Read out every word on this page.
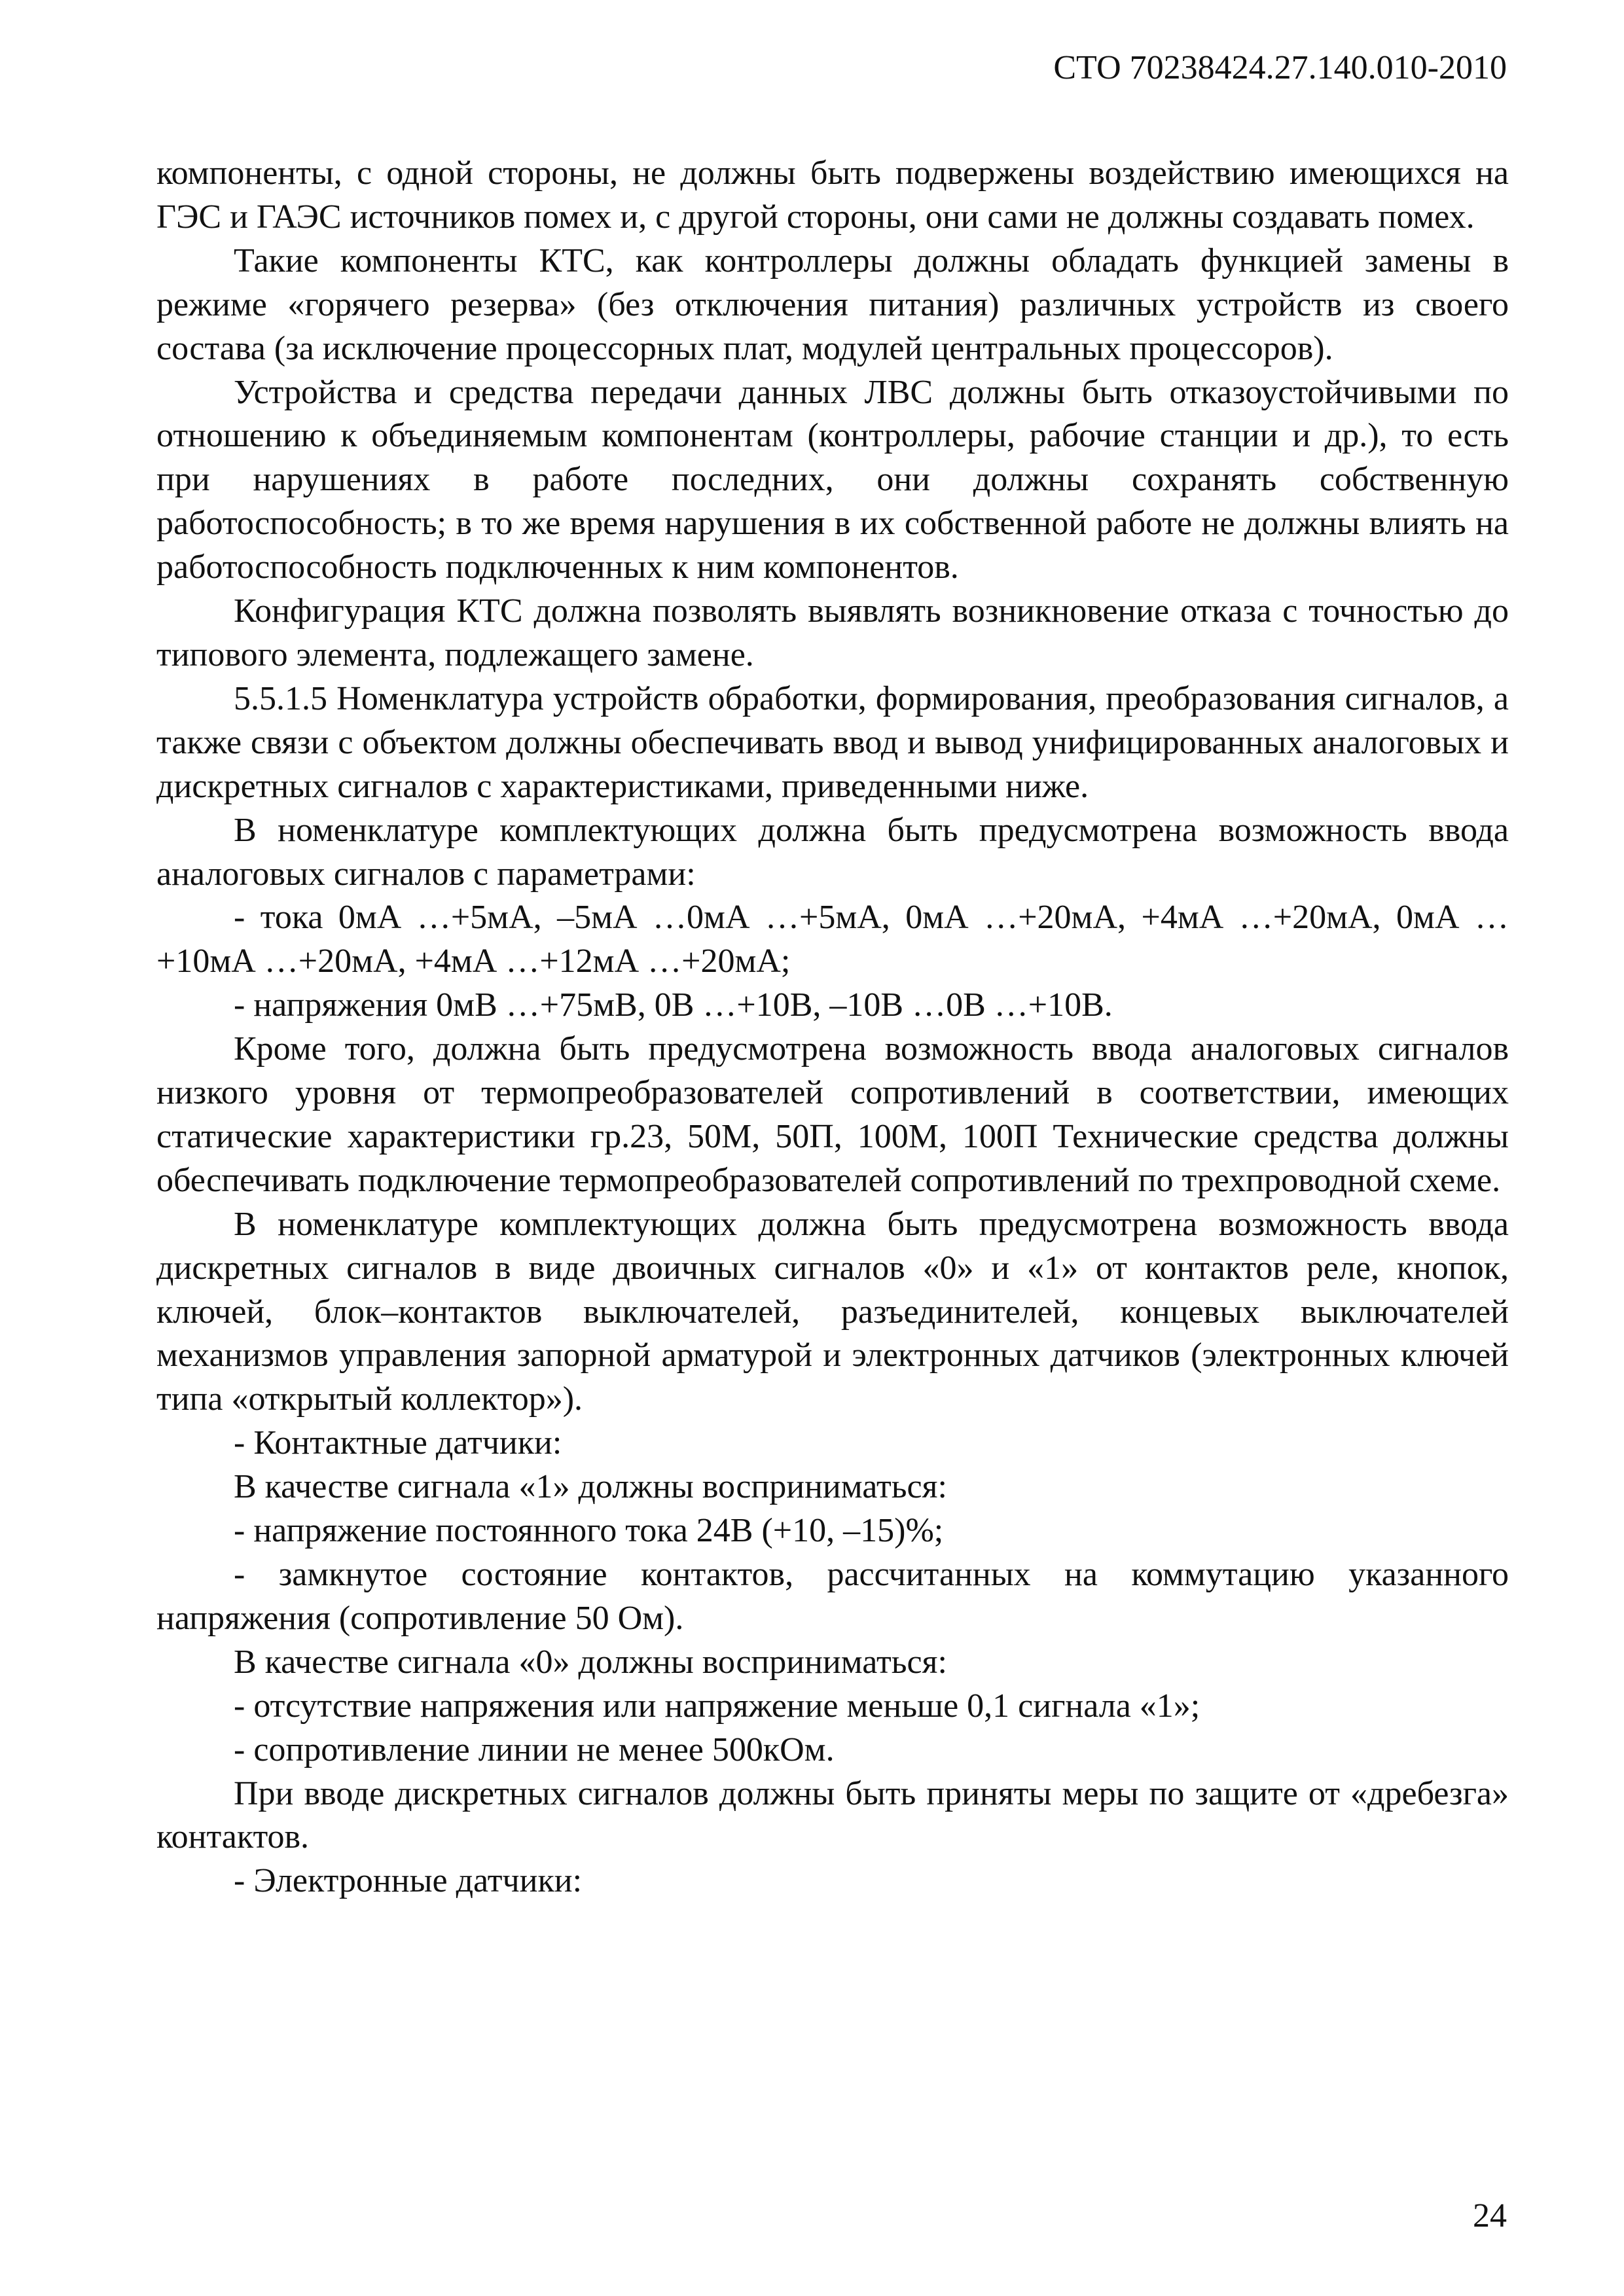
СТО 70238424.27.140.010-2010

компоненты, с одной стороны, не должны быть подвержены воздействию имеющихся на ГЭС и ГАЭС источников помех и, с другой стороны, они сами не должны создавать помех.

Такие компоненты КТС, как контроллеры должны обладать функцией замены в режиме «горячего резерва» (без отключения питания) различных устройств из своего состава (за исключение процессорных плат, модулей центральных процессоров).

Устройства и средства передачи данных ЛВС должны быть отказоустойчивыми по отношению к объединяемым компонентам (контроллеры, рабочие станции и др.), то есть при нарушениях в работе последних, они должны сохранять собственную работоспособность; в то же время нарушения в их собственной работе не должны влиять на работоспособность подключенных к ним компонентов.

Конфигурация КТС должна позволять выявлять возникновение отказа с точностью до типового элемента, подлежащего замене.

5.5.1.5 Номенклатура устройств обработки, формирования, преобразования сигналов, а также связи с объектом должны обеспечивать ввод и вывод унифицированных аналоговых и дискретных сигналов с характеристиками, приведенными ниже.

В номенклатуре комплектующих должна быть предусмотрена возможность ввода аналоговых сигналов с параметрами:

- тока 0мА …+5мА, –5мА …0мА …+5мА, 0мА …+20мА, +4мА …+20мА, 0мА …+10мА …+20мА, +4мА …+12мА …+20мА;

- напряжения 0мВ …+75мВ, 0В …+10В, –10В …0В …+10В.

Кроме того, должна быть предусмотрена возможность ввода аналоговых сигналов низкого уровня от термопреобразователей сопротивлений в соответствии, имеющих статические характеристики гр.23, 50М, 50П, 100М, 100П Технические средства должны обеспечивать подключение термопреобразователей сопротивлений по трехпроводной схеме.

В номенклатуре комплектующих должна быть предусмотрена возможность ввода дискретных сигналов в виде двоичных сигналов «0» и «1» от контактов реле, кнопок, ключей, блок–контактов выключателей, разъединителей, концевых выключателей механизмов управления запорной арматурой и электронных датчиков (электронных ключей типа «открытый коллектор»).

- Контактные датчики:

В качестве сигнала «1» должны восприниматься:

- напряжение постоянного тока 24В (+10, –15)%;

- замкнутое состояние контактов, рассчитанных на коммутацию указанного напряжения (сопротивление 50 Ом).

В качестве сигнала «0» должны восприниматься:

- отсутствие напряжения или напряжение меньше 0,1 сигнала «1»;

- сопротивление линии не менее 500кОм.

При вводе дискретных сигналов должны быть приняты меры по защите от «дребезга» контактов.

- Электронные датчики:

24
